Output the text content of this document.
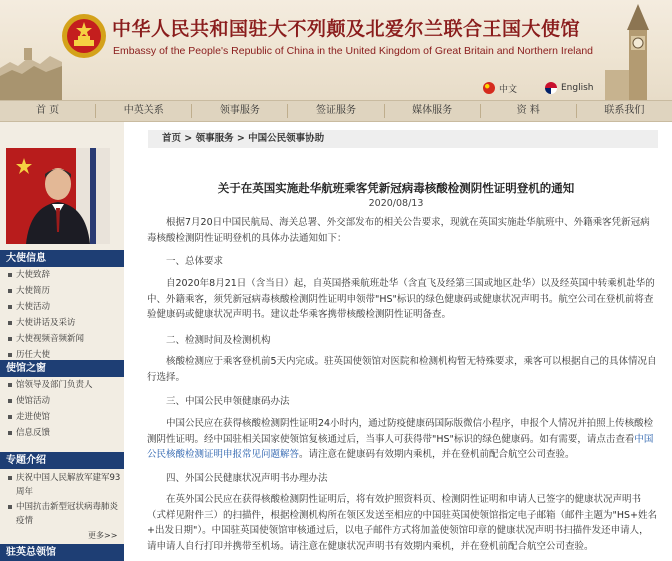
中华人民共和国驻大不列颠及北爱尔兰联合王国大使馆
Embassy of the People's Republic of China in the United Kingdom of Great Britain and Northern Ireland
中文	English
首 页	中英关系	领事服务	签证服务	媒体服务	资 料	联系我们
大使信息
大使致辞
大使简历
大使活动
大使讲话及采访
大使视频音频新闻
历任大使
使馆之窗
馆领导及部门负责人
使馆活动
走进使馆
信息反馈
专题介绍
庆祝中国人民解放军建军93周年
中国抗击新型冠状病毒肺炎疫情
更多>>
驻英总领馆
首页 > 领事服务 > 中国公民领事协助
关于在英国实施赴华航班乘客凭新冠病毒核酸检测阴性证明登机的通知
2020/08/13
根据7月20日中国民航局、海关总署、外交部发布的相关公告要求，现就在英国实施赴华航班中、外籍乘客凭新冠病毒核酸检测阴性证明登机的具体办法通知如下：
一、总体要求
自2020年8月21日（含当日）起，自英国搭乘航班赴华（含直飞及经第三国或地区赴华）以及经英国中转乘机赴华的中、外籍乘客，须凭新冠病毒核酸检测阴性证明申领带"HS"标识的绿色健康码或健康状况声明书。航空公司在登机前将查验健康码或健康状况声明书。建议赴华乘客携带核酸检测阴性证明备查。
二、检测时间及检测机构
核酸检测应于乘客登机前5天内完成。驻英国使领馆对医院和检测机构暂无特殊要求，乘客可以根据自己的具体情况自行选择。
三、中国公民申领健康码办法
中国公民应在获得核酸检测阴性证明24小时内，通过防疫健康码国际版微信小程序，申报个人情况并拍照上传核酸检测阴性证明。经中国驻相关国家使领馆复核通过后，当事人可获得带"HS"标识的绿色健康码。如有需要，请点击查看中国公民核酸检测证明申报常见问题解答。请注意在健康码有效期内乘机，并在登机前配合航空公司查验。
四、外国公民健康状况声明书办理办法
在英外国公民应在获得核酸检测阴性证明后，将有效护照资料页、检测阴性证明和申请人已签字的健康状况声明书（式样见附件三）的扫描件，根据检测机构所在领区发送至相应的中国驻英国使领馆指定电子邮箱（邮件主题为"HS+姓名+出发日期"）。中国驻英国使领馆审核通过后，以电子邮件方式将加盖使领馆印章的健康状况声明书扫描件发还申请人，请申请人自行打印并携带至机场。请注意在健康状况声明书有效期内乘机，并在登机前配合航空公司查验。
